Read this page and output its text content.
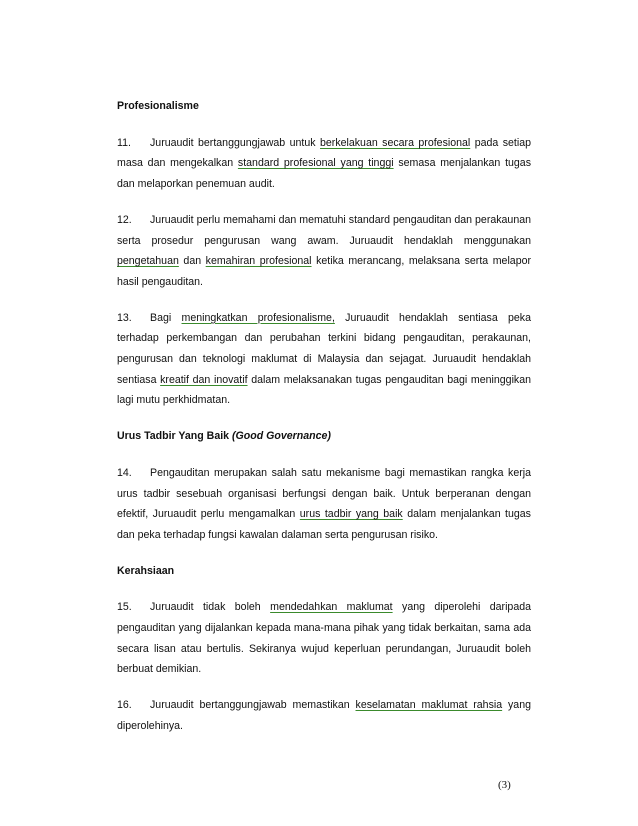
Profesionalisme

11. Juruaudit bertanggungjawab untuk berkelakuan secara profesional pada setiap masa dan mengekalkan standard profesional yang tinggi semasa menjalankan tugas dan melaporkan penemuan audit.

12. Juruaudit perlu memahami dan mematuhi standard pengauditan dan perakaunan serta prosedur pengurusan wang awam. Juruaudit hendaklah menggunakan pengetahuan dan kemahiran profesional ketika merancang, melaksana serta melapor hasil pengauditan.

13. Bagi meningkatkan profesionalisme, Juruaudit hendaklah sentiasa peka terhadap perkembangan dan perubahan terkini bidang pengauditan, perakaunan, pengurusan dan teknologi maklumat di Malaysia dan sejagat. Juruaudit hendaklah sentiasa kreatif dan inovatif dalam melaksanakan tugas pengauditan bagi meninggikan lagi mutu perkhidmatan.

Urus Tadbir Yang Baik (Good Governance)

14. Pengauditan merupakan salah satu mekanisme bagi memastikan rangka kerja urus tadbir sesebuah organisasi berfungsi dengan baik. Untuk berperanan dengan efektif, Juruaudit perlu mengamalkan urus tadbir yang baik dalam menjalankan tugas dan peka terhadap fungsi kawalan dalaman serta pengurusan risiko.

Kerahsiaan

15. Juruaudit tidak boleh mendedahkan maklumat yang diperolehi daripada pengauditan yang dijalankan kepada mana-mana pihak yang tidak berkaitan, sama ada secara lisan atau bertulis. Sekiranya wujud keperluan perundangan, Juruaudit boleh berbuat demikian.

16. Juruaudit bertanggungjawab memastikan keselamatan maklumat rahsia yang diperolehinya.

(3)
